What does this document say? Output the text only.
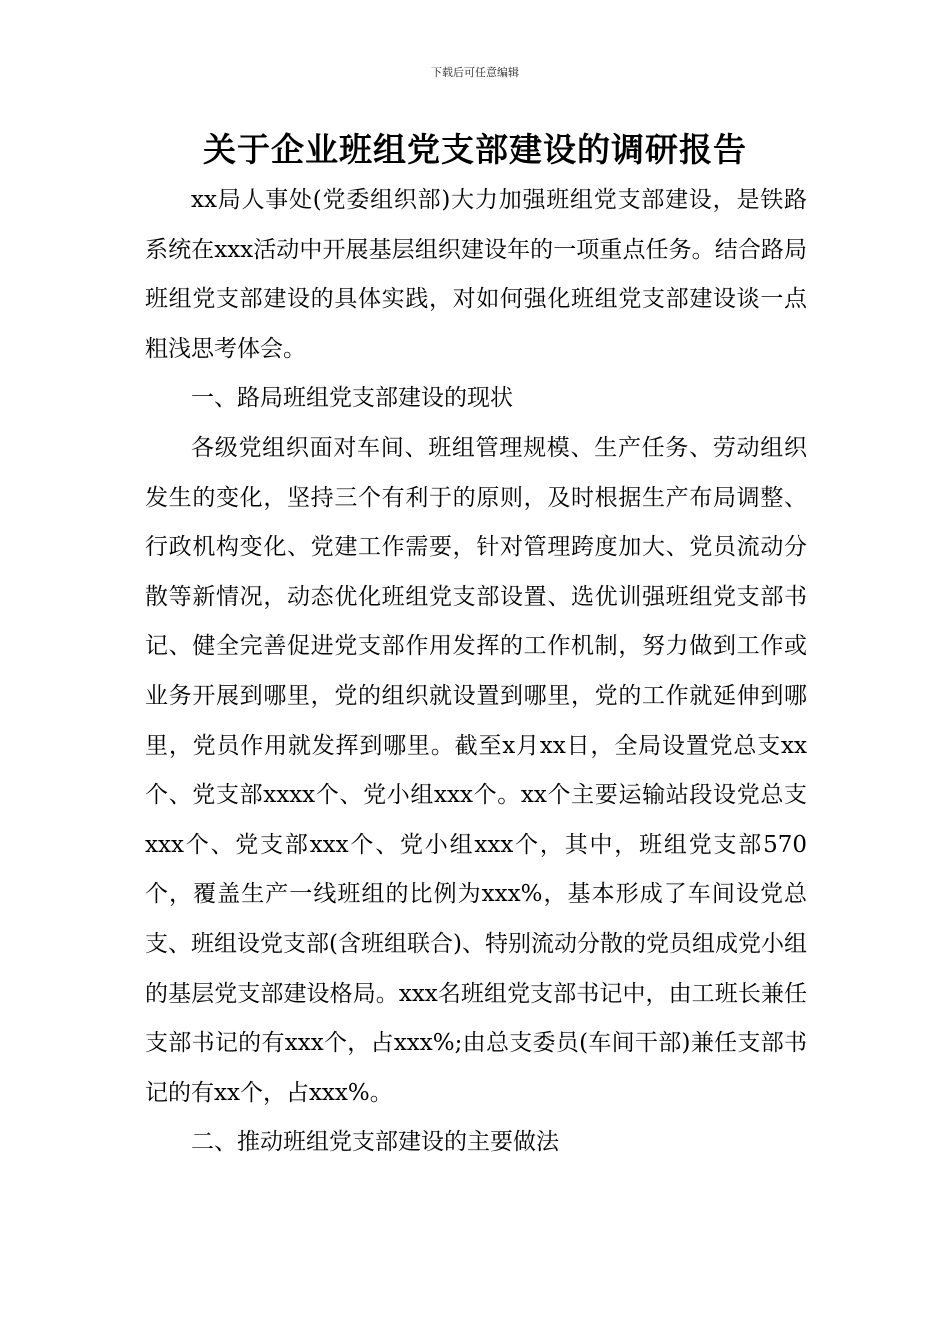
下载后可任意编辑
关于企业班组党支部建设的调研报告

xx局人事处(党委组织部)大力加强班组党支部建设，是铁路系统在xxx活动中开展基层组织建设年的一项重点任务。结合路局班组党支部建设的具体实践，对如何强化班组党支部建设谈一点粗浅思考体会。

一、路局班组党支部建设的现状

各级党组织面对车间、班组管理规模、生产任务、劳动组织发生的变化，坚持三个有利于的原则，及时根据生产布局调整、行政机构变化、党建工作需要，针对管理跨度加大、党员流动分散等新情况，动态优化班组党支部设置、选优训强班组党支部书记、健全完善促进党支部作用发挥的工作机制，努力做到工作或业务开展到哪里，党的组织就设置到哪里，党的工作就延伸到哪里，党员作用就发挥到哪里。截至x月xx日，全局设置党总支xx个、党支部xxxx个、党小组xxx个。xx个主要运输站段设党总支xxx个、党支部xxx个、党小组xxx个，其中，班组党支部570个，覆盖生产一线班组的比例为xxx%，基本形成了车间设党总支、班组设党支部(含班组联合)、特别流动分散的党员组成党小组的基层党支部建设格局。xxx名班组党支部书记中，由工班长兼任支部书记的有xxx个，占xxx%;由总支委员(车间干部)兼任支部书记的有xx个，占xxx%。

二、推动班组党支部建设的主要做法
